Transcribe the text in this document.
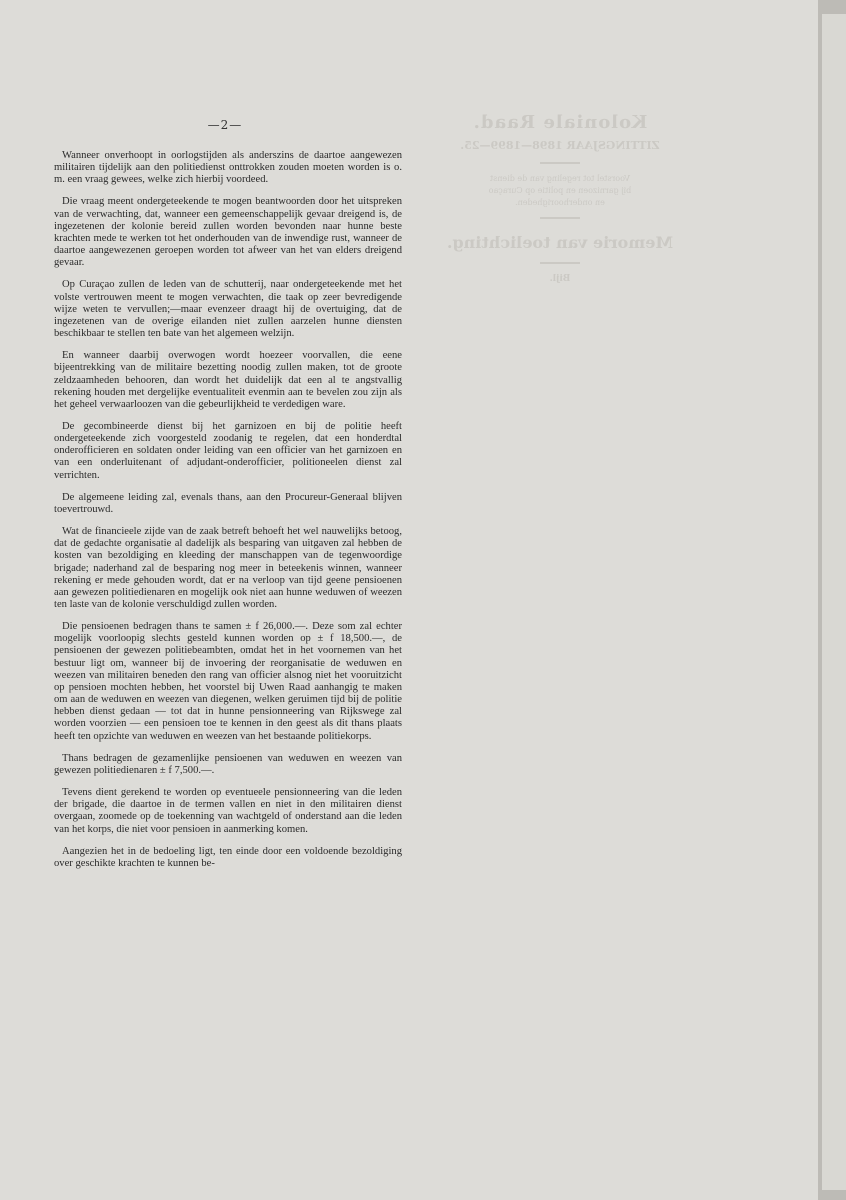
Koloniale Raad.
ZITTINGSJAAR 1898—1899—25.
Voorstel tot regeling van de dienst
bij garnizoen en politie op Curaçao
en onderhoorigheden.
Memorie van toelichting.
Bijl.
—2—

Wanneer onverhoopt in oorlogstijden als anderszins de daartoe aangewezen militairen tijdelijk aan den politiedienst onttrokken zouden moeten worden is o. m. een vraag gewees, welke zich hierbij voordeed.

Die vraag meent ondergeteekende te mogen beantwoorden door het uitspreken van de verwachting, dat, wanneer een gemeenschappelijk gevaar dreigend is, de ingezetenen der kolonie bereid zullen worden bevonden naar hunne beste krachten mede te werken tot het onderhouden van de inwendige rust, wanneer de daartoe aangewezenen geroepen worden tot afweer van het van elders dreigend gevaar.

Op Curaçao zullen de leden van de schutterij, naar ondergeteekende met het volste vertrouwen meent te mogen verwachten, die taak op zeer bevredigende wijze weten te vervullen;—maar evenzeer draagt hij de overtuiging, dat de ingezetenen van de overige eilanden niet zullen aarzelen hunne diensten beschikbaar te stellen ten bate van het algemeen welzijn.

En wanneer daarbij overwogen wordt hoezeer voorvallen, die eene bijeentrekking van de militaire bezetting noodig zullen maken, tot de groote zeldzaamheden behooren, dan wordt het duidelijk dat een al te angstvallig rekening houden met dergelijke eventualiteit evenmin aan te bevelen zou zijn als het geheel verwaarloozen van die gebeurlijkheid te verdedigen ware.

De gecombineerde dienst bij het garnizoen en bij de politie heeft ondergeteekende zich voorgesteld zoodanig te regelen, dat een honderdtal onderofficieren en soldaten onder leiding van een officier van het garnizoen en van een onderluitenant of adjudant-onderofficier, politioneelen dienst zal verrichten.

De algemeene leiding zal, evenals thans, aan den Procureur-Generaal blijven toevertrouwd.

Wat de financieele zijde van de zaak betreft behoeft het wel nauwelijks betoog, dat de gedachte organisatie al dadelijk als besparing van uitgaven zal hebben de kosten van bezoldiging en kleeding der manschappen van de tegenwoordige brigade; naderhand zal de besparing nog meer in beteekenis winnen, wanneer rekening er mede gehouden wordt, dat er na verloop van tijd geene pensioenen aan gewezen politiedienaren en mogelijk ook niet aan hunne weduwen of weezen ten laste van de kolonie verschuldigd zullen worden.

Die pensioenen bedragen thans te samen ± f 26,000.—. Deze som zal echter mogelijk voorloopig slechts gesteld kunnen worden op ± f 18,500.—, de pensioenen der gewezen politiebeambten, omdat het in het voornemen van het bestuur ligt om, wanneer bij de invoering der reorganisatie de weduwen en weezen van militairen beneden den rang van officier alsnog niet het vooruitzicht op pensioen mochten hebben, het voorstel bij Uwen Raad aanhangig te maken om aan de weduwen en weezen van diegenen, welken geruimen tijd bij de politie hebben dienst gedaan — tot dat in hunne pensionneering van Rijkswege zal worden voorzien — een pensioen toe te kennen in den geest als dit thans plaats heeft ten opzichte van weduwen en weezen van het bestaande politiekorps.

Thans bedragen de gezamenlijke pensioenen van weduwen en weezen van gewezen politiedienaren ± f 7,500.—.

Tevens dient gerekend te worden op eventueele pensionneering van die leden der brigade, die daartoe in de termen vallen en niet in den militairen dienst overgaan, zoomede op de toekenning van wachtgeld of onderstand aan die leden van het korps, die niet voor pensioen in aanmerking komen.

Aangezien het in de bedoeling ligt, ten einde door een voldoende bezoldiging over geschikte krachten te kunnen be-
